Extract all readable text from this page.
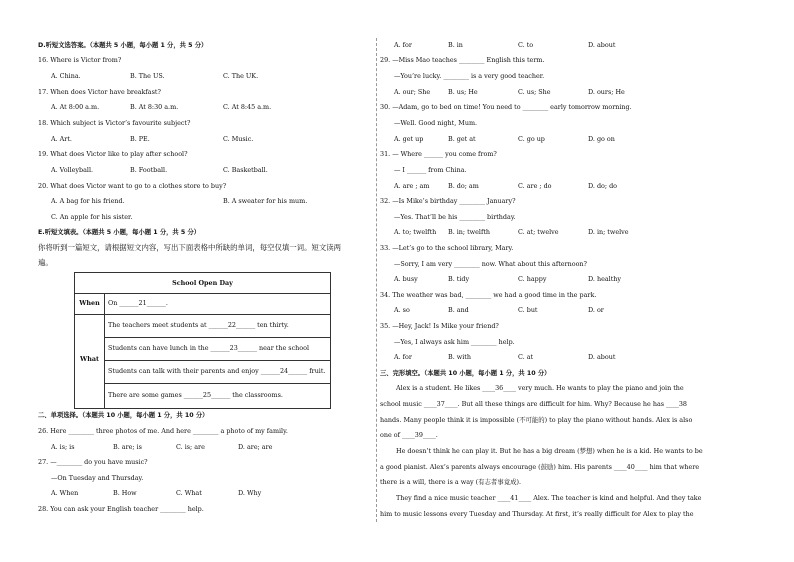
D.听短文选答案。（本题共 5 小题，每小题 1 分，共 5 分）
16. Where is Victor from?
A. China.	B. The US.	C. The UK.
17. When does Victor have breakfast?
A. At 8:00 a.m.	B. At 8:30 a.m.	C. At 8:45 a.m.
18. Which subject is Victor’s favourite subject?
A. Art.	B. PE.	C. Music.
19. What does Victor like to play after school?
A. Volleyball.	B. Football.	C. Basketball.
20. What does Victor want to go to a clothes store to buy?
A. A bag for his friend.	B. A sweater for his mum.
C. An apple for his sister.
E.听短文填表。（本题共 5 小题，每小题 1 分，共 5 分）
你将听到一篇短文，请根据短文内容，写出下面表格中所缺的单词，每空仅填一词。短文读两
遍。
School Open Day
When	On ______21______.
What
The teachers meet students at ______22______ ten thirty.
Students can have lunch in the ______23______ near the school
Students can talk with their parents and enjoy ______24______ fruit.
There are some games ______25______ the classrooms.
二、单项选择。（本题共 10 小题，每小题 1 分，共 10 分）
26. Here ________ three photos of me. And here ________ a photo of my family.
A. is; is	B. are; is	C. is; are	D. are; are
27. —________ do you have music?
—On Tuesday and Thursday.
A. When	B. How	C. What	D. Why
28. You can ask your English teacher ________ help.
A. for	B. in	C. to	D. about
29. —Miss Mao teaches ________ English this term.
—You’re lucky. ________ is a very good teacher.
A. our; She	B. us; He	C. us; She	D. ours; He
30. —Adam, go to bed on time! You need to ________ early tomorrow morning.
—Well. Good night, Mum.
A. get up	B. get at	C. go up	D. go on
31. — Where ______ you come from?
— I ______ from China.
A. are ; am	B. do; am	C. are ; do	D. do; do
32. —Is Mike’s birthday ________ January?
—Yes. That’ll be his ________ birthday.
A. to; twelfth B. in; twelfth	C. at; twelve	D. in; twelve
33. —Let’s go to the school library, Mary.
—Sorry, I am very ________ now. What about this afternoon?
A. busy	B. tidy	C. happy	D. healthy
34. The weather was bad, ________ we had a good time in the park.
A. so	B. and	C. but	D. or
35. —Hey, Jack! Is Mike your friend?
—Yes, I always ask him ________ help.
A. for	B. with	C. at	D. about
三、完形填空。（本题共 10 小题，每小题 1 分，共 10 分）
Alex is a student. He likes ____36____ very much. He wants to play the piano and join the
school music ____37____. But all these things are difficult for him. Why? Because he has ____38
hands. Many people think it is impossible (不可能的) to play the piano without hands. Alex is also
one of ____39____.
He doesn’t think he can play it. But he has a big dream (梦想) when he is a kid. He wants to be
a good pianist. Alex’s parents always encourage (鼓励) him. His parents ____40____ him that where
there is a will, there is a way (有志者事竟成).
They find a nice music teacher ____41____ Alex. The teacher is kind and helpful. And they take
him to music lessons every Tuesday and Thursday. At first, it’s really difficult for Alex to play the
